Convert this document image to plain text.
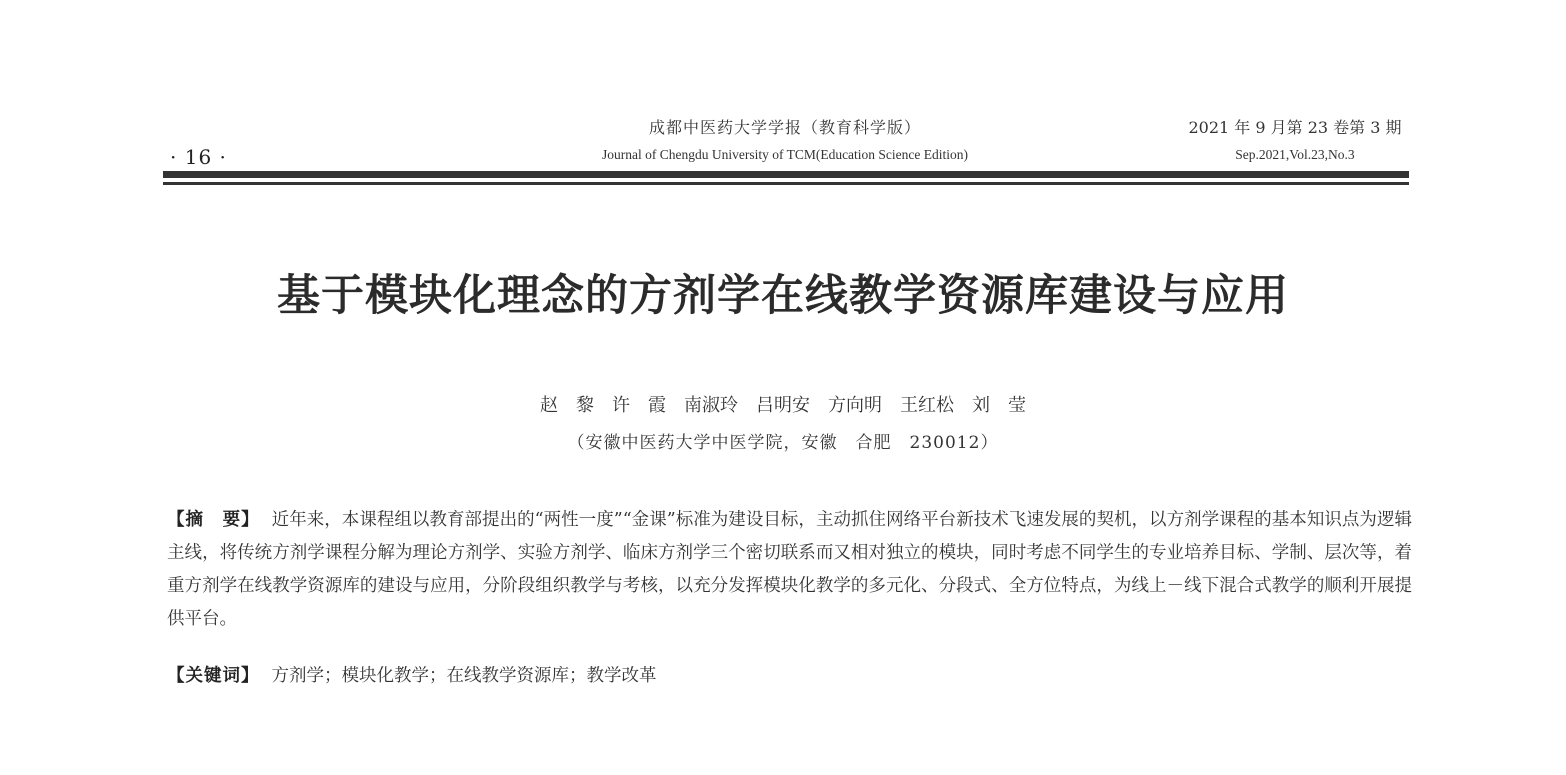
· 16 ·
成都中医药大学学报（教育科学版）
Journal of Chengdu University of TCM(Education Science Edition)
2021 年 9 月第 23 卷第 3 期
Sep.2021,Vol.23,No.3
基于模块化理念的方剂学在线教学资源库建设与应用
赵　黎　许　霞　南淑玲　吕明安　方向明　王红松　刘　莹
（安徽中医药大学中医学院，安徽　合肥　230012）
【摘　要】 近年来，本课程组以教育部提出的“两性一度”“金课”标准为建设目标，主动抓住网络平台新技术飞速发展的契机，以方剂学课程的基本知识点为逻辑主线，将传统方剂学课程分解为理论方剂学、实验方剂学、临床方剂学三个密切联系而又相对独立的模块，同时考虑不同学生的专业培养目标、学制、层次等，着重方剂学在线教学资源库的建设与应用，分阶段组织教学与考核，以充分发挥模块化教学的多元化、分段式、全方位特点，为线上－线下混合式教学的顺利开展提供平台。
【关键词】 方剂学；模块化教学；在线教学资源库；教学改革
